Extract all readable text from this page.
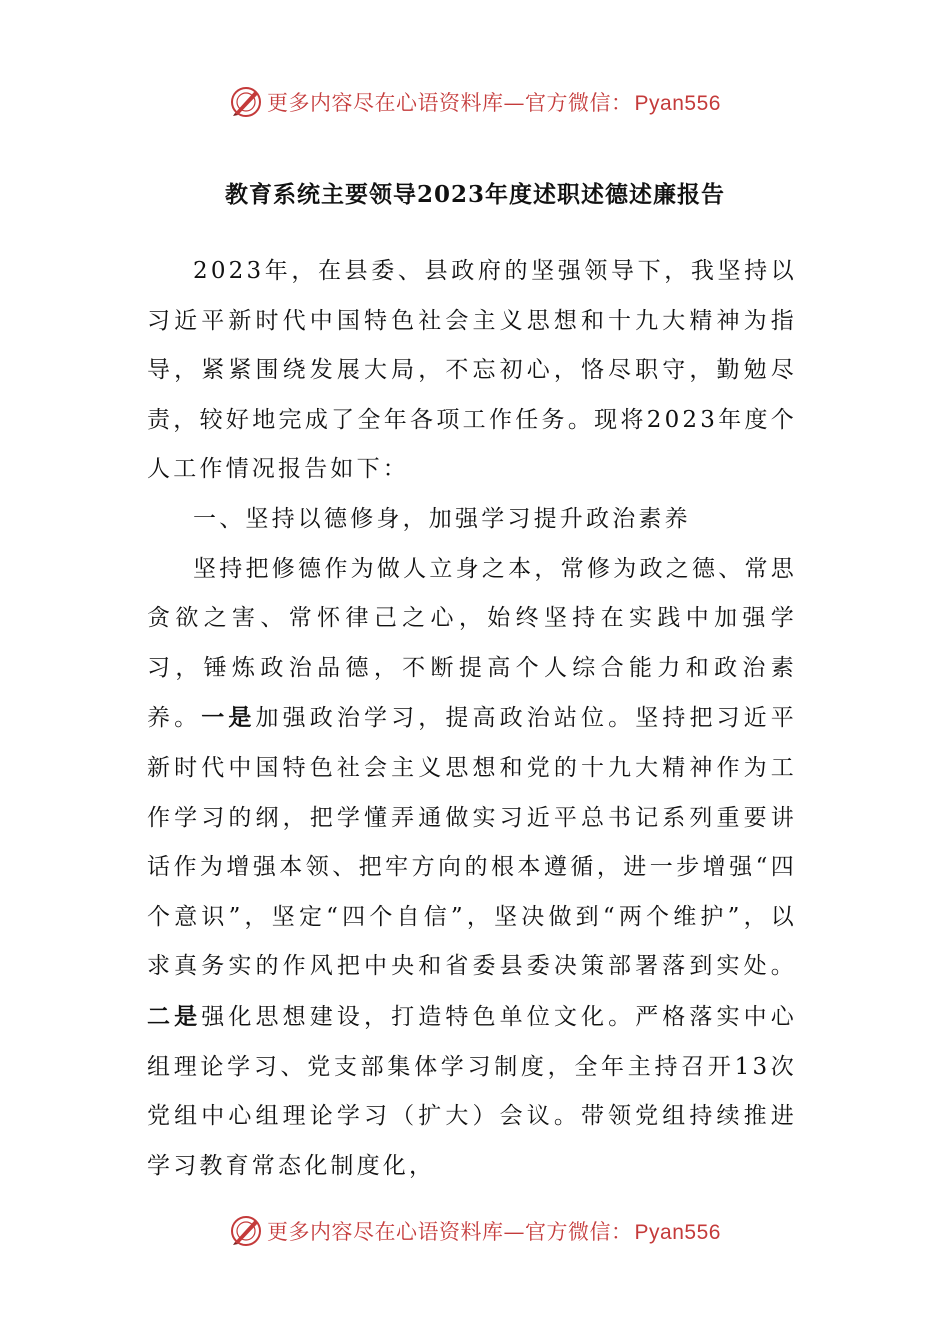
更多内容尽在心语资料库—官方微信： Pyan556
教育系统主要领导2023年度述职述德述廉报告

2023年，在县委、县政府的坚强领导下，我坚持以习近平新时代中国特色社会主义思想和十九大精神为指导，紧紧围绕发展大局，不忘初心，恪尽职守，勤勉尽责，较好地完成了全年各项工作任务。现将2023年度个人工作情况报告如下：

一、坚持以德修身，加强学习提升政治素养

坚持把修德作为做人立身之本，常修为政之德、常思贪欲之害、常怀律己之心，始终坚持在实践中加强学习，锤炼政治品德，不断提高个人综合能力和政治素养。一是加强政治学习，提高政治站位。坚持把习近平新时代中国特色社会主义思想和党的十九大精神作为工作学习的纲，把学懂弄通做实习近平总书记系列重要讲话作为增强本领、把牢方向的根本遵循，进一步增强“四个意识”，坚定“四个自信”，坚决做到“两个维护”，以求真务实的作风把中央和省委县委决策部署落到实处。二是强化思想建设，打造特色单位文化。严格落实中心组理论学习、党支部集体学习制度，全年主持召开13次党组中心组理论学习（扩大）会议。带领党组持续推进学习教育常态化制度化，

更多内容尽在心语资料库—官方微信： Pyan556
